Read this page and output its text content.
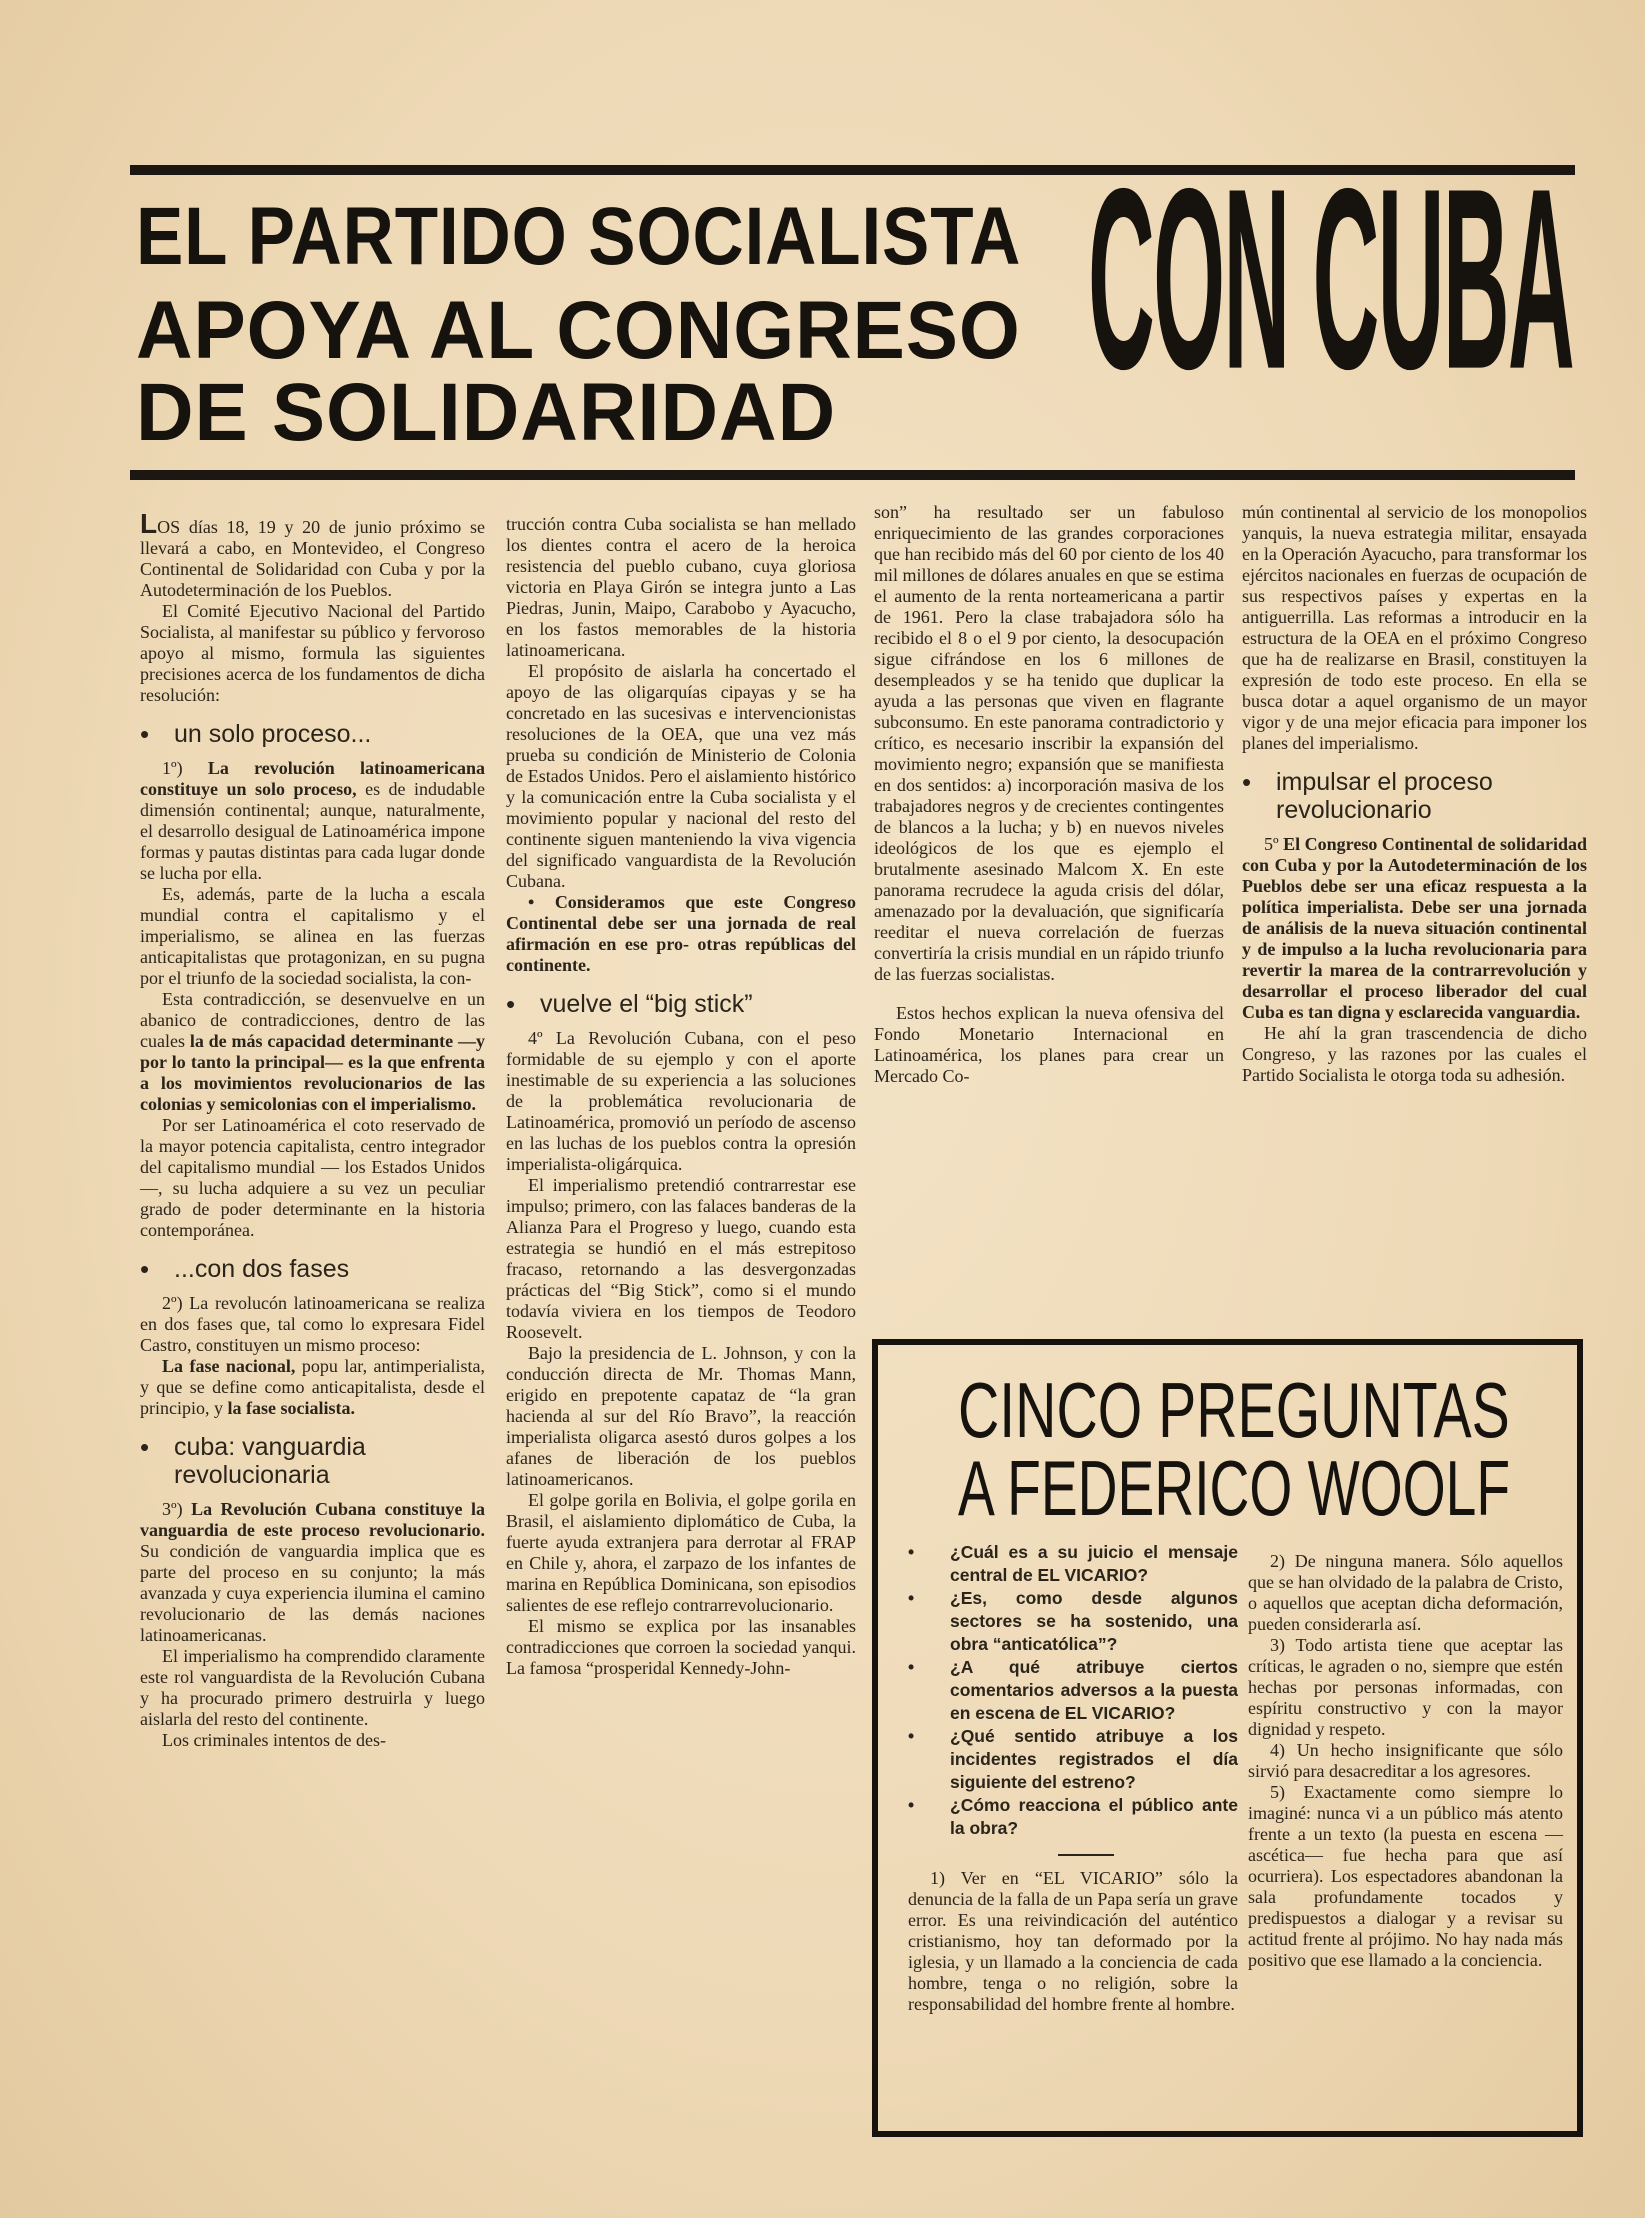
EL PARTIDO SOCIALISTA
APOYA AL CONGRESO
DE SOLIDARIDAD CON CUBA

LOS días 18, 19 y 20 de junio próximo se llevará a cabo, en Montevideo, el Congreso Continental de Solidaridad con Cuba y por la Autodeterminación de los Pueblos.

El Comité Ejecutivo Nacional del Partido Socialista, al manifestar su público y fervoroso apoyo al mismo, formula las siguientes precisiones acerca de los fundamentos de dicha resolución:

• un solo proceso...

1º) La revolución latinoamericana constituye un solo proceso, es de indudable dimensión continental; aunque, naturalmente, el desarrollo desigual de Latinoamérica impone formas y pautas distintas para cada lugar donde se lucha por ella.

Es, además, parte de la lucha a escala mundial contra el capitalismo y el imperialismo, se alinea en las fuerzas anticapitalistas que protagonizan, en su pugna por el triunfo de la sociedad socialista, la con-

Esta contradicción, se desenvuelve en un abanico de contradicciones, dentro de las cuales la de más capacidad determinante —y por lo tanto la principal— es la que enfrenta a los movimientos revolucionarios de las colonias y semicolonias con el imperialismo.

Por ser Latinoamérica el coto reservado de la mayor potencia capitalista, centro integrador del capitalismo mundial — los Estados Unidos —, su lucha adquiere a su vez un peculiar grado de poder determinante en la historia contemporánea.

• ...con dos fases

2º) La revolucón latinoamericana se realiza en dos fases que, tal como lo expresara Fidel Castro, constituyen un mismo proceso:

La fase nacional, popu lar, antimperialista, y que se define como anticapitalista, desde el principio, y la fase socialista.

• cuba: vanguardia revolucionaria

3º) La Revolución Cubana constituye la vanguardia de este proceso revolucionario. Su condición de vanguardia implica que es parte del proceso en su conjunto; la más avanzada y cuya experiencia ilumina el camino revolucionario de las demás naciones latinoamericanas.

El imperialismo ha comprendido claramente este rol vanguardista de la Revolución Cubana y ha procurado primero destruirla y luego aislarla del resto del continente.

Los criminales intentos de des-

trucción contra Cuba socialista se han mellado los dientes contra el acero de la heroica resistencia del pueblo cubano, cuya gloriosa victoria en Playa Girón se integra junto a Las Piedras, Junin, Maipo, Carabobo y Ayacucho, en los fastos memorables de la historia latinoamericana.

El propósito de aislarla ha concertado el apoyo de las oligarquías cipayas y se ha concretado en las sucesivas e intervencionistas resoluciones de la OEA, que una vez más prueba su condición de Ministerio de Colonia de Estados Unidos. Pero el aislamiento histórico y la comunicación entre la Cuba socialista y el movimiento popular y nacional del resto del continente siguen manteniendo la viva vigencia del significado vanguardista de la Revolución Cubana.

• Consideramos que este Congreso Continental debe ser una jornada de real afirmación en ese pro- otras repúblicas del continente.

• vuelve el “big stick”

4º La Revolución Cubana, con el peso formidable de su ejemplo y con el aporte inestimable de su experiencia a las soluciones de la problemática revolucionaria de Latinoamérica, promovió un período de ascenso en las luchas de los pueblos contra la opresión imperialista-oligárquica.

El imperialismo pretendió contrarrestar ese impulso; primero, con las falaces banderas de la Alianza Para el Progreso y luego, cuando esta estrategia se hundió en el más estrepitoso fracaso, retornando a las desvergonzadas prácticas del “Big Stick”, como si el mundo todavía viviera en los tiempos de Teodoro Roosevelt.

Bajo la presidencia de L. Johnson, y con la conducción directa de Mr. Thomas Mann, erigido en prepotente capataz de “la gran hacienda al sur del Río Bravo”, la reacción imperialista oligarca asestó duros golpes a los afanes de liberación de los pueblos latinoamericanos.

El golpe gorila en Bolivia, el golpe gorila en Brasil, el aislamiento diplomático de Cuba, la fuerte ayuda extranjera para derrotar al FRAP en Chile y, ahora, el zarpazo de los infantes de marina en República Dominicana, son episodios salientes de ese reflejo contrarrevolucionario.

El mismo se explica por las insanables contradicciones que corroen la sociedad yanqui. La famosa “prosperidal Kennedy-John-

son” ha resultado ser un fabuloso enriquecimiento de las grandes corporaciones que han recibido más del 60 por ciento de los 40 mil millones de dólares anuales en que se estima el aumento de la renta norteamericana a partir de 1961. Pero la clase trabajadora sólo ha recibido el 8 o el 9 por ciento, la desocupación sigue cifrándose en los 6 millones de desempleados y se ha tenido que duplicar la ayuda a las personas que viven en flagrante subconsumo. En este panorama contradictorio y crítico, es necesario inscribir la expansión del movimiento negro; expansión que se manifiesta en dos sentidos: a) incorporación masiva de los trabajadores negros y de crecientes contingentes de blancos a la lucha; y b) en nuevos niveles ideológicos de los que es ejemplo el brutalmente asesinado Malcom X. En este panorama recrudece la aguda crisis del dólar, amenazado por la devaluación, que significaría reeditar el nueva correlación de fuerzas convertiría la crisis mundial en un rápido triunfo de las fuerzas socialistas.

Estos hechos explican la nueva ofensiva del Fondo Monetario Internacional en Latinoamérica, los planes para crear un Mercado Co-

mún continental al servicio de los monopolios yanquis, la nueva estrategia militar, ensayada en la Operación Ayacucho, para transformar los ejércitos nacionales en fuerzas de ocupación de sus respectivos países y expertas en la antiguerrilla. Las reformas a introducir en la estructura de la OEA en el próximo Congreso que ha de realizarse en Brasil, constituyen la expresión de todo este proceso. En ella se busca dotar a aquel organismo de un mayor vigor y de una mejor eficacia para imponer los planes del imperialismo.

• impulsar el proceso revolucionario

5º El Congreso Continental de solidaridad con Cuba y por la Autodeterminación de los Pueblos debe ser una eficaz respuesta a la política imperialista. Debe ser una jornada de análisis de la nueva situación continental y de impulso a la lucha revolucionaria para revertir la marea de la contrarrevolución y desarrollar el proceso liberador del cual Cuba es tan digna y esclarecida vanguardia.

He ahí la gran trascendencia de dicho Congreso, y las razones por las cuales el Partido Socialista le otorga toda su adhesión.

CINCO PREGUNTAS
A FEDERICO WOOLF
•	¿Cuál es a su juicio el mensaje central de EL VICARIO?
•	¿Es, como desde algunos sectores se ha sostenido, una obra “anticatólica”?
•	¿A qué atribuye ciertos comentarios adversos a la puesta en escena de EL VICARIO?
•	¿Qué sentido atribuye a los incidentes registrados el día siguiente del estreno?
•	¿Cómo reacciona el público ante la obra?

1) Ver en “EL VICARIO” sólo la denuncia de la falla de un Papa sería un grave error. Es una reivindicación del auténtico cristianismo, hoy tan deformado por la iglesia, y un llamado a la conciencia de cada hombre, tenga o no religión, sobre la responsabilidad del hombre frente al hombre.

2) De ninguna manera. Sólo aquellos que se han olvidado de la palabra de Cristo, o aquellos que aceptan dicha deformación, pueden considerarla así.

3) Todo artista tiene que aceptar las críticas, le agraden o no, siempre que estén hechas por personas informadas, con espíritu constructivo y con la mayor dignidad y respeto.

4) Un hecho insignificante que sólo sirvió para desacreditar a los agresores.

5) Exactamente como siempre lo imaginé: nunca vi a un público más atento frente a un texto (la puesta en escena —ascética— fue hecha para que así ocurriera). Los espectadores abandonan la sala profundamente tocados y predispuestos a dialogar y a revisar su actitud frente al prójimo. No hay nada más positivo que ese llamado a la conciencia.
